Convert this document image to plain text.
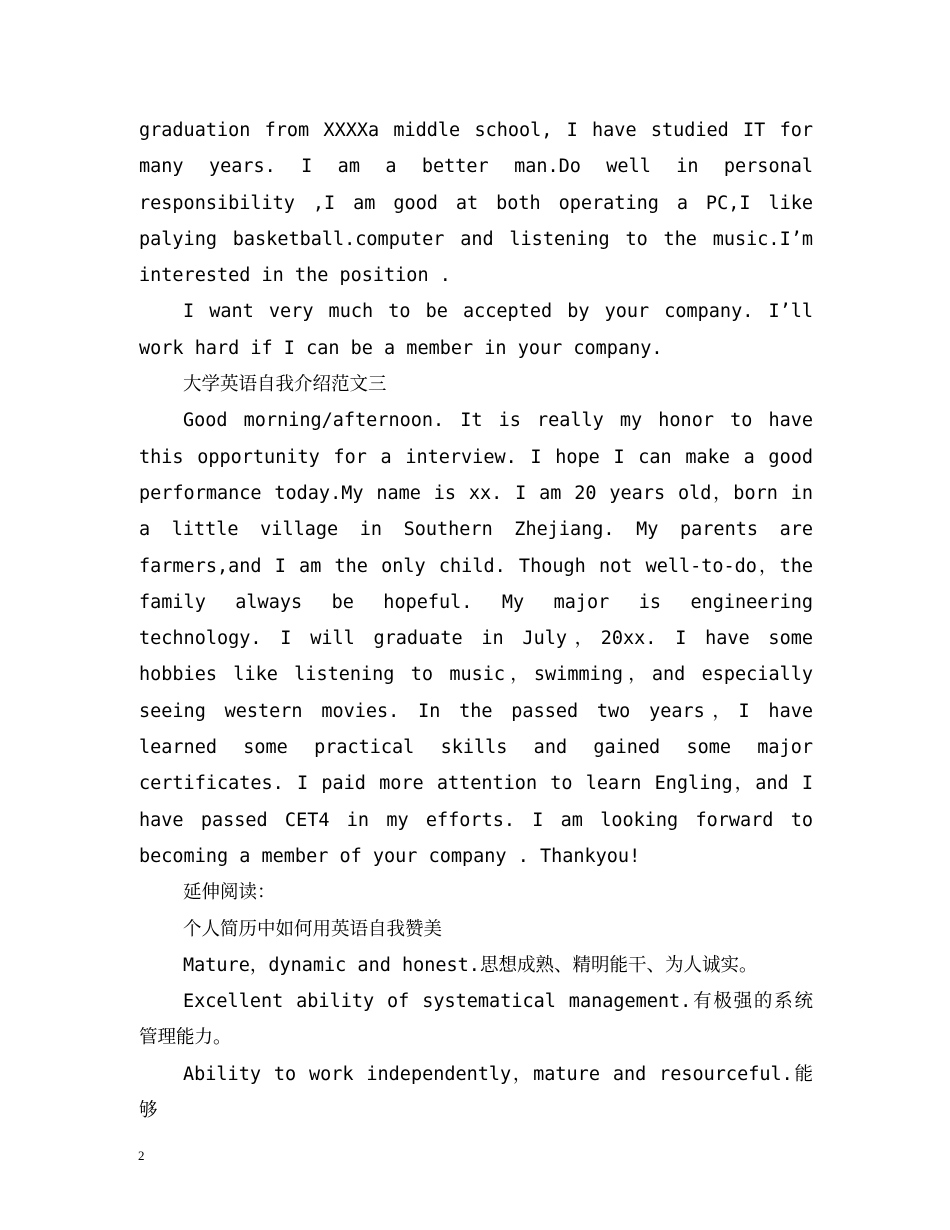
graduation from XXXXa middle school, I have studied IT for many years. I am a better man.Do well in personal responsibility ,I am good at both operating a PC,I like palying basketball.computer and listening to the music.I’m interested in the position .

I want very much to be accepted by your company. I’ll work hard if I can be a member in your company.

大学英语自我介绍范文三

Good morning/afternoon. It is really my honor to have this opportunity for a interview. I hope I can make a good performance today.My name is xx. I am 20 years old，born in a little village in Southern Zhejiang. My parents are farmers,and I am the only child. Though not well-to-do，the family always be hopeful. My major is engineering technology. I will graduate in July，20xx. I have some hobbies like listening to music，swimming，and especially seeing western movies. In the passed two years，I have learned some practical skills and gained some major certificates. I paid more attention to learn Engling，and I have passed CET4 in my efforts. I am looking forward to becoming a member of your company . Thankyou!

延伸阅读：

个人简历中如何用英语自我赞美

Mature，dynamic and honest.思想成熟、精明能干、为人诚实。

Excellent ability of systematical management.有极强的系统管理能力。

Ability to work independently，mature and resourceful.能够

2
